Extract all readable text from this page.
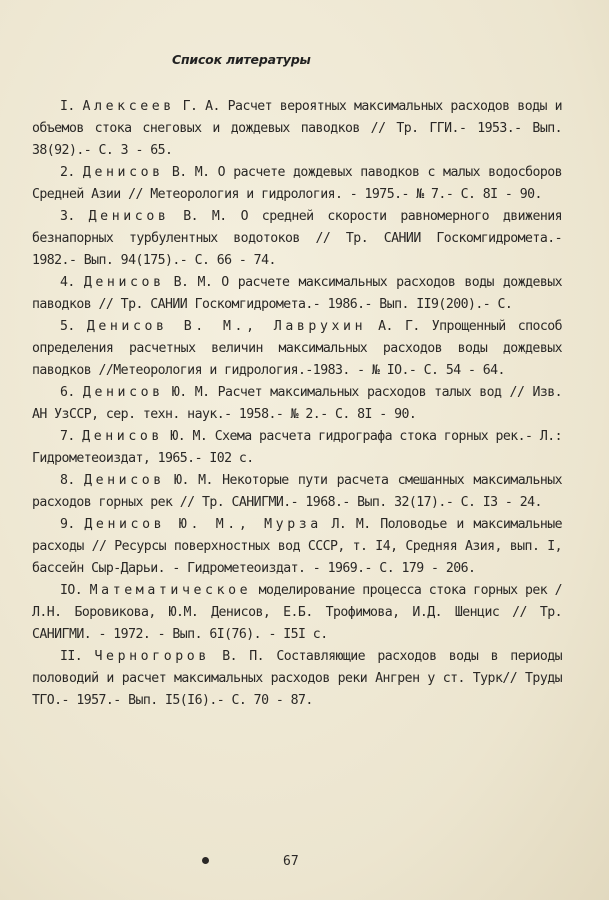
Список литературы
I. Алексеев Г. А. Расчет вероятных максимальных расходов воды и объемов стока снеговых и дождевых паводков // Тр. ГГИ.- 1953.- Вып. 38(92).- С. 3 - 65.
2. Денисов В. М. О расчете дождевых паводков с малых водосборов Средней Азии // Метеорология и гидрология. - 1975.- № 7.- С. 8I - 90.
3. Денисов В. М. О средней скорости равномерного движения безнапорных турбулентных водотоков // Тр. САНИИ Госкомгидромета.- 1982.- Вып. 94(175).- С. 66 - 74.
4. Денисов В. М. О расчете максимальных расходов воды дождевых паводков // Тр. САНИИ Госкомгидромета.- 1986.- Вып. II9(200).- С.
5. Денисов В. М., Лаврухин А. Г. Упрощенный способ определения расчетных величин максимальных расходов воды дождевых паводков //Метеорология и гидрология.-1983. - № IO.- С. 54 - 64.
6. Денисов Ю. М. Расчет максимальных расходов талых вод // Изв. АН УзССР, сер. техн. наук.- 1958.- № 2.- С. 8I - 90.
7. Денисов Ю. М. Схема расчета гидрографа стока горных рек.- Л.: Гидрометеоиздат, 1965.- I02 с.
8. Денисов Ю. М. Некоторые пути расчета смешанных максимальных расходов горных рек // Тр. САНИГМИ.- 1968.- Вып. 32(17).- С. I3 - 24.
9. Денисов Ю. М., Мурза Л. М. Половодье и максимальные расходы // Ресурсы поверхностных вод СССР, т. I4, Средняя Азия, вып. I, бассейн Сыр-Дарьи. - Гидрометеоиздат. - 1969.- С. 179 - 206.
IO. Математическое моделирование процесса стока горных рек / Л.Н. Боровикова, Ю.М. Денисов, Е.Б. Трофимова, И.Д. Шенцис // Тр. САНИГМИ. - 1972. - Вып. 6I(76). - I5I с.
II. Черногоров В. П. Составляющие расходов воды в периоды половодий и расчет максимальных расходов реки Ангрен у ст. Турк// Труды ТГО.- 1957.- Вып. I5(I6).- С. 70 - 87.
67
